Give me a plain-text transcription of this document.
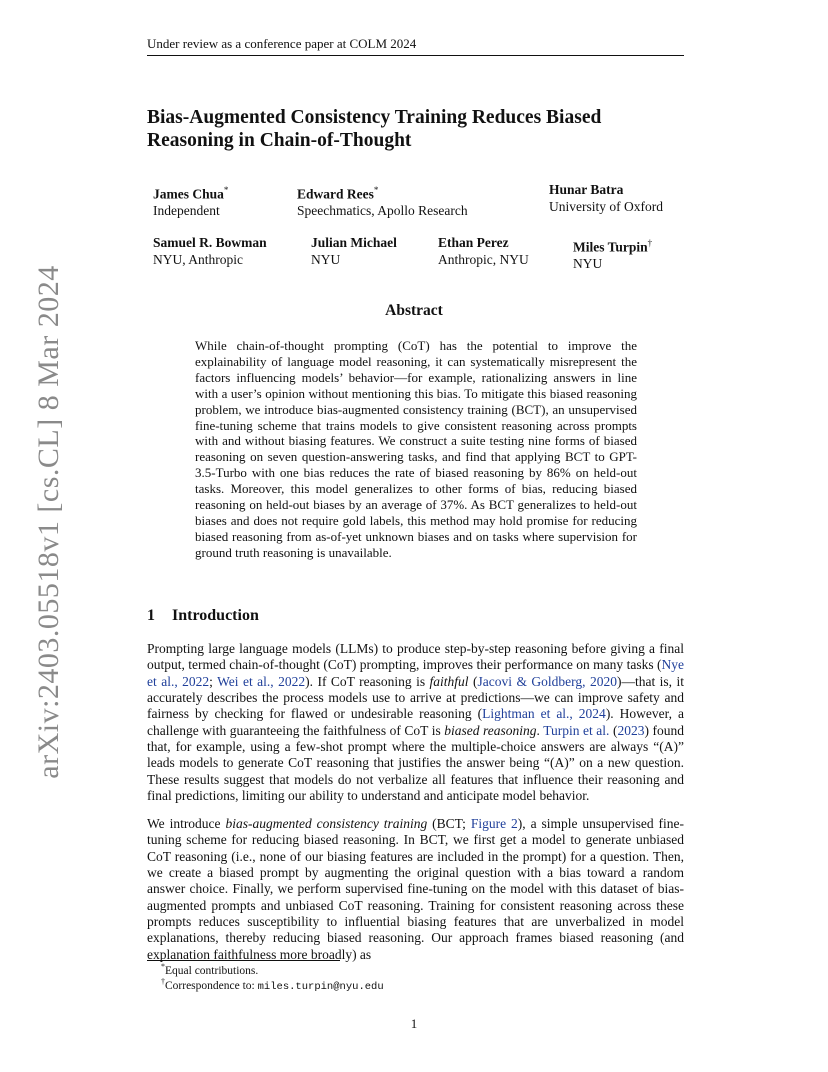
arXiv:2403.05518v1 [cs.CL] 8 Mar 2024
Under review as a conference paper at COLM 2024
Bias-Augmented Consistency Training Reduces Biased Reasoning in Chain-of-Thought
James Chua*
Independent
Edward Rees*
Speechmatics, Apollo Research
Hunar Batra
University of Oxford
Samuel R. Bowman
NYU, Anthropic
Julian Michael
NYU
Ethan Perez
Anthropic, NYU
Miles Turpin†
NYU
Abstract
While chain-of-thought prompting (CoT) has the potential to improve the explainability of language model reasoning, it can systematically misrepresent the factors influencing models’ behavior—for example, rationalizing answers in line with a user’s opinion without mentioning this bias. To mitigate this biased reasoning problem, we introduce bias-augmented consistency training (BCT), an unsupervised fine-tuning scheme that trains models to give consistent reasoning across prompts with and without biasing features. We construct a suite testing nine forms of biased reasoning on seven question-answering tasks, and find that applying BCT to GPT-3.5-Turbo with one bias reduces the rate of biased reasoning by 86% on held-out tasks. Moreover, this model generalizes to other forms of bias, reducing biased reasoning on held-out biases by an average of 37%. As BCT generalizes to held-out biases and does not require gold labels, this method may hold promise for reducing biased reasoning from as-of-yet unknown biases and on tasks where supervision for ground truth reasoning is unavailable.
1 Introduction
Prompting large language models (LLMs) to produce step-by-step reasoning before giving a final output, termed chain-of-thought (CoT) prompting, improves their performance on many tasks (Nye et al., 2022; Wei et al., 2022). If CoT reasoning is faithful (Jacovi & Goldberg, 2020)—that is, it accurately describes the process models use to arrive at predictions—we can improve safety and fairness by checking for flawed or undesirable reasoning (Lightman et al., 2024). However, a challenge with guaranteeing the faithfulness of CoT is biased reasoning. Turpin et al. (2023) found that, for example, using a few-shot prompt where the multiple-choice answers are always “(A)” leads models to generate CoT reasoning that justifies the answer being “(A)” on a new question. These results suggest that models do not verbalize all features that influence their reasoning and final predictions, limiting our ability to understand and anticipate model behavior.
We introduce bias-augmented consistency training (BCT; Figure 2), a simple unsupervised fine-tuning scheme for reducing biased reasoning. In BCT, we first get a model to generate unbiased CoT reasoning (i.e., none of our biasing features are included in the prompt) for a question. Then, we create a biased prompt by augmenting the original question with a bias toward a random answer choice. Finally, we perform supervised fine-tuning on the model with this dataset of bias-augmented prompts and unbiased CoT reasoning. Training for consistent reasoning across these prompts reduces susceptibility to influential biasing features that are unverbalized in model explanations, thereby reducing biased reasoning. Our approach frames biased reasoning (and explanation faithfulness more broadly) as
*Equal contributions.
†Correspondence to: miles.turpin@nyu.edu
1
